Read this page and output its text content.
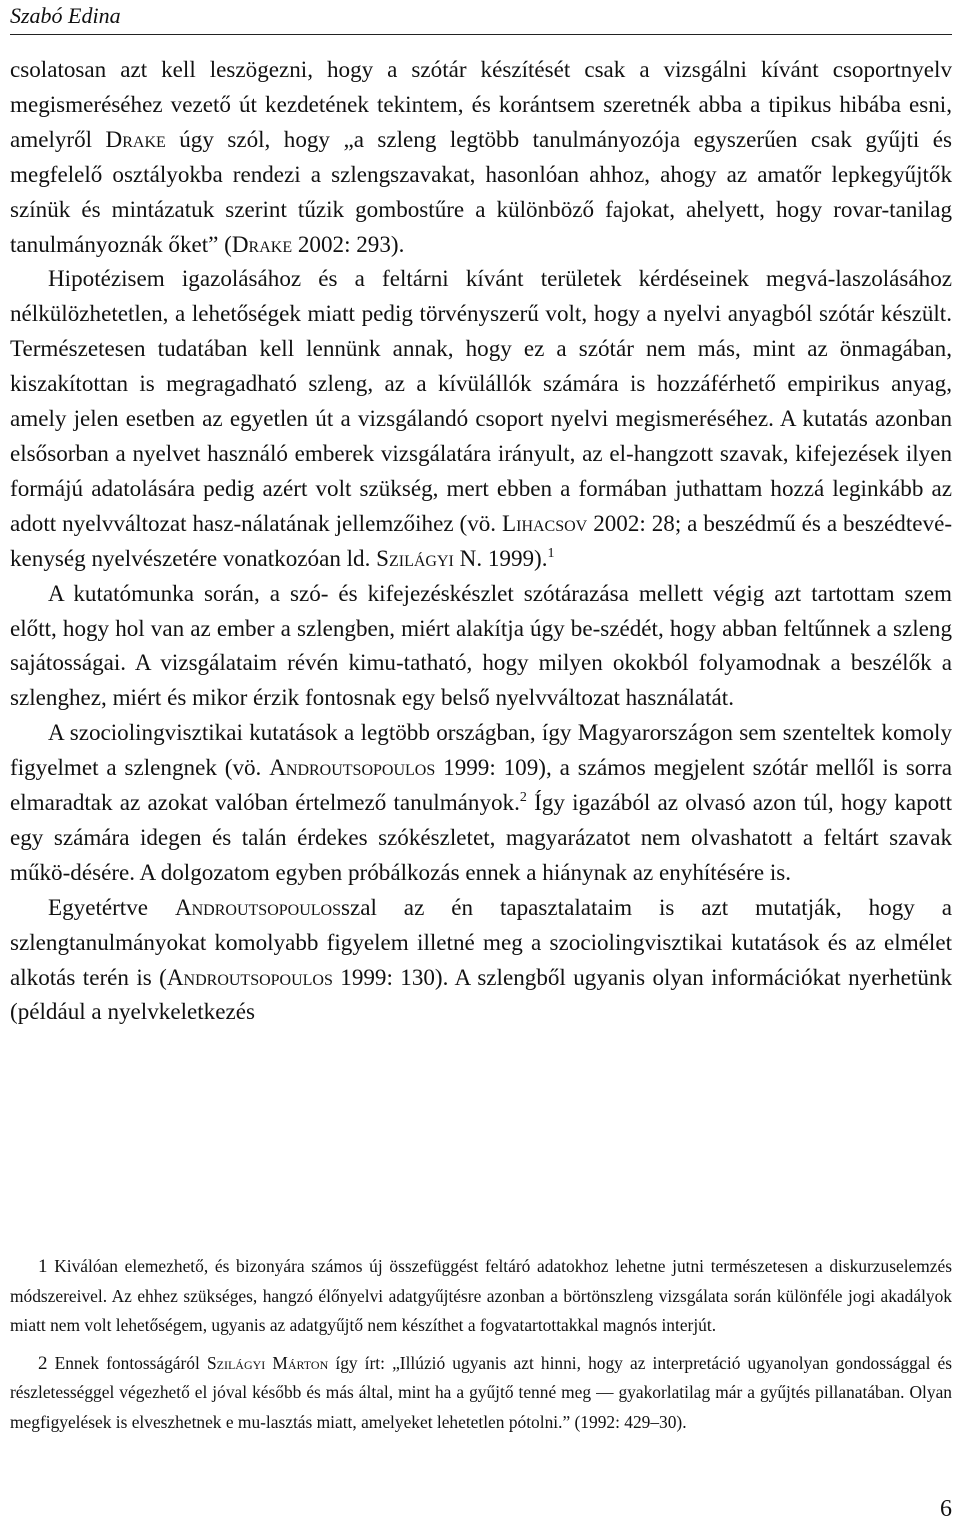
Szabó Edina

csolatosan azt kell leszögezni, hogy a szótár készítését csak a vizsgálni kívánt csoportnyelv megismeréséhez vezető út kezdetének tekintem, és korántsem szeretnék abba a tipikus hibába esni, amelyről Drake úgy szól, hogy „a szleng legtöbb tanulmányozója egyszerűen csak gyűjti és megfelelő osztályokba rendezi a szlengszavakat, hasonlóan ahhoz, ahogy az amatőr lepkegyűjtők színük és mintázatuk szerint tűzik gombostűre a különböző fajokat, ahelyett, hogy rovar-tanilag tanulmányoznák őket” (Drake 2002: 293).

Hipotézisem igazolásához és a feltárni kívánt területek kérdéseinek megvá-laszolásához nélkülözhetetlen, a lehetőségek miatt pedig törvényszerű volt, hogy a nyelvi anyagból szótár készült. Természetesen tudatában kell lennünk annak, hogy ez a szótár nem más, mint az önmagában, kiszakítottan is megragadható szleng, az a kívülállók számára is hozzáférhető empirikus anyag, amely jelen esetben az egyetlen út a vizsgálandó csoport nyelvi megismeréséhez. A kutatás azonban elsősorban a nyelvet használó emberek vizsgálatára irányult, az el-hangzott szavak, kifejezések ilyen formájú adatolására pedig azért volt szükség, mert ebben a formában juthattam hozzá leginkább az adott nyelvváltozat hasz-nálatának jellemzőihez (vö. Lihacsov 2002: 28; a beszédmű és a beszédtevé-kenység nyelvészetére vonatkozóan ld. Szilágyi N. 1999).$^1$

A kutatómunka során, a szó- és kifejezéskészlet szótárazása mellett végig azt tartottam szem előtt, hogy hol van az ember a szlengben, miért alakítja úgy be-szédét, hogy abban feltűnnek a szleng sajátosságai. A vizsgálataim révén kimu-tatható, hogy milyen okokból folyamodnak a beszélők a szlenghez, miért és mikor érzik fontosnak egy belső nyelvváltozat használatát.

A szociolingvisztikai kutatások a legtöbb országban, így Magyarországon sem szenteltek komoly figyelmet a szlengnek (vö. Androutsopoulos 1999: 109), a számos megjelent szótár mellől is sorra elmaradtak az azokat valóban értelmező tanulmányok.$^2$ Így igazából az olvasó azon túl, hogy kapott egy számára idegen és talán érdekes szókészletet, magyarázatot nem olvashatott a feltárt szavak műkö-désére. A dolgozatom egyben próbálkozás ennek a hiánynak az enyhítésére is.

Egyetértve Androutsopoulosszal az én tapasztalataim is azt mutatják, hogy a szlengtanulmányokat komolyabb figyelem illetné meg a szociolingvisztikai kutatások és az elmélet alkotás terén is (Androutsopoulos 1999: 130). A szlengből ugyanis olyan információkat nyerhetünk (például a nyelvkeletkezés

1 Kiválóan elemezhető, és bizonyára számos új összefüggést feltáró adatokhoz lehetne jutni természetesen a diskurzuselemzés módszereivel. Az ehhez szükséges, hangzó élőnyelvi adatgyűjtésre azonban a börtönszleng vizsgálata során különféle jogi akadályok miatt nem volt lehetőségem, ugyanis az adatgyűjtő nem készíthet a fogvatartottakkal magnós interjút.

2 Ennek fontosságáról Szilágyi Márton így írt: „Illúzió ugyanis azt hinni, hogy az interpretáció ugyanolyan gondossággal és részletességgel végezhető el jóval később és más által, mint ha a gyűjtő tenné meg — gyakorlatilag már a gyűjtés pillanatában. Olyan megfigyelések is elveszhetnek e mu-lasztás miatt, amelyeket lehetetlen pótolni.” (1992: 429–30).

6
